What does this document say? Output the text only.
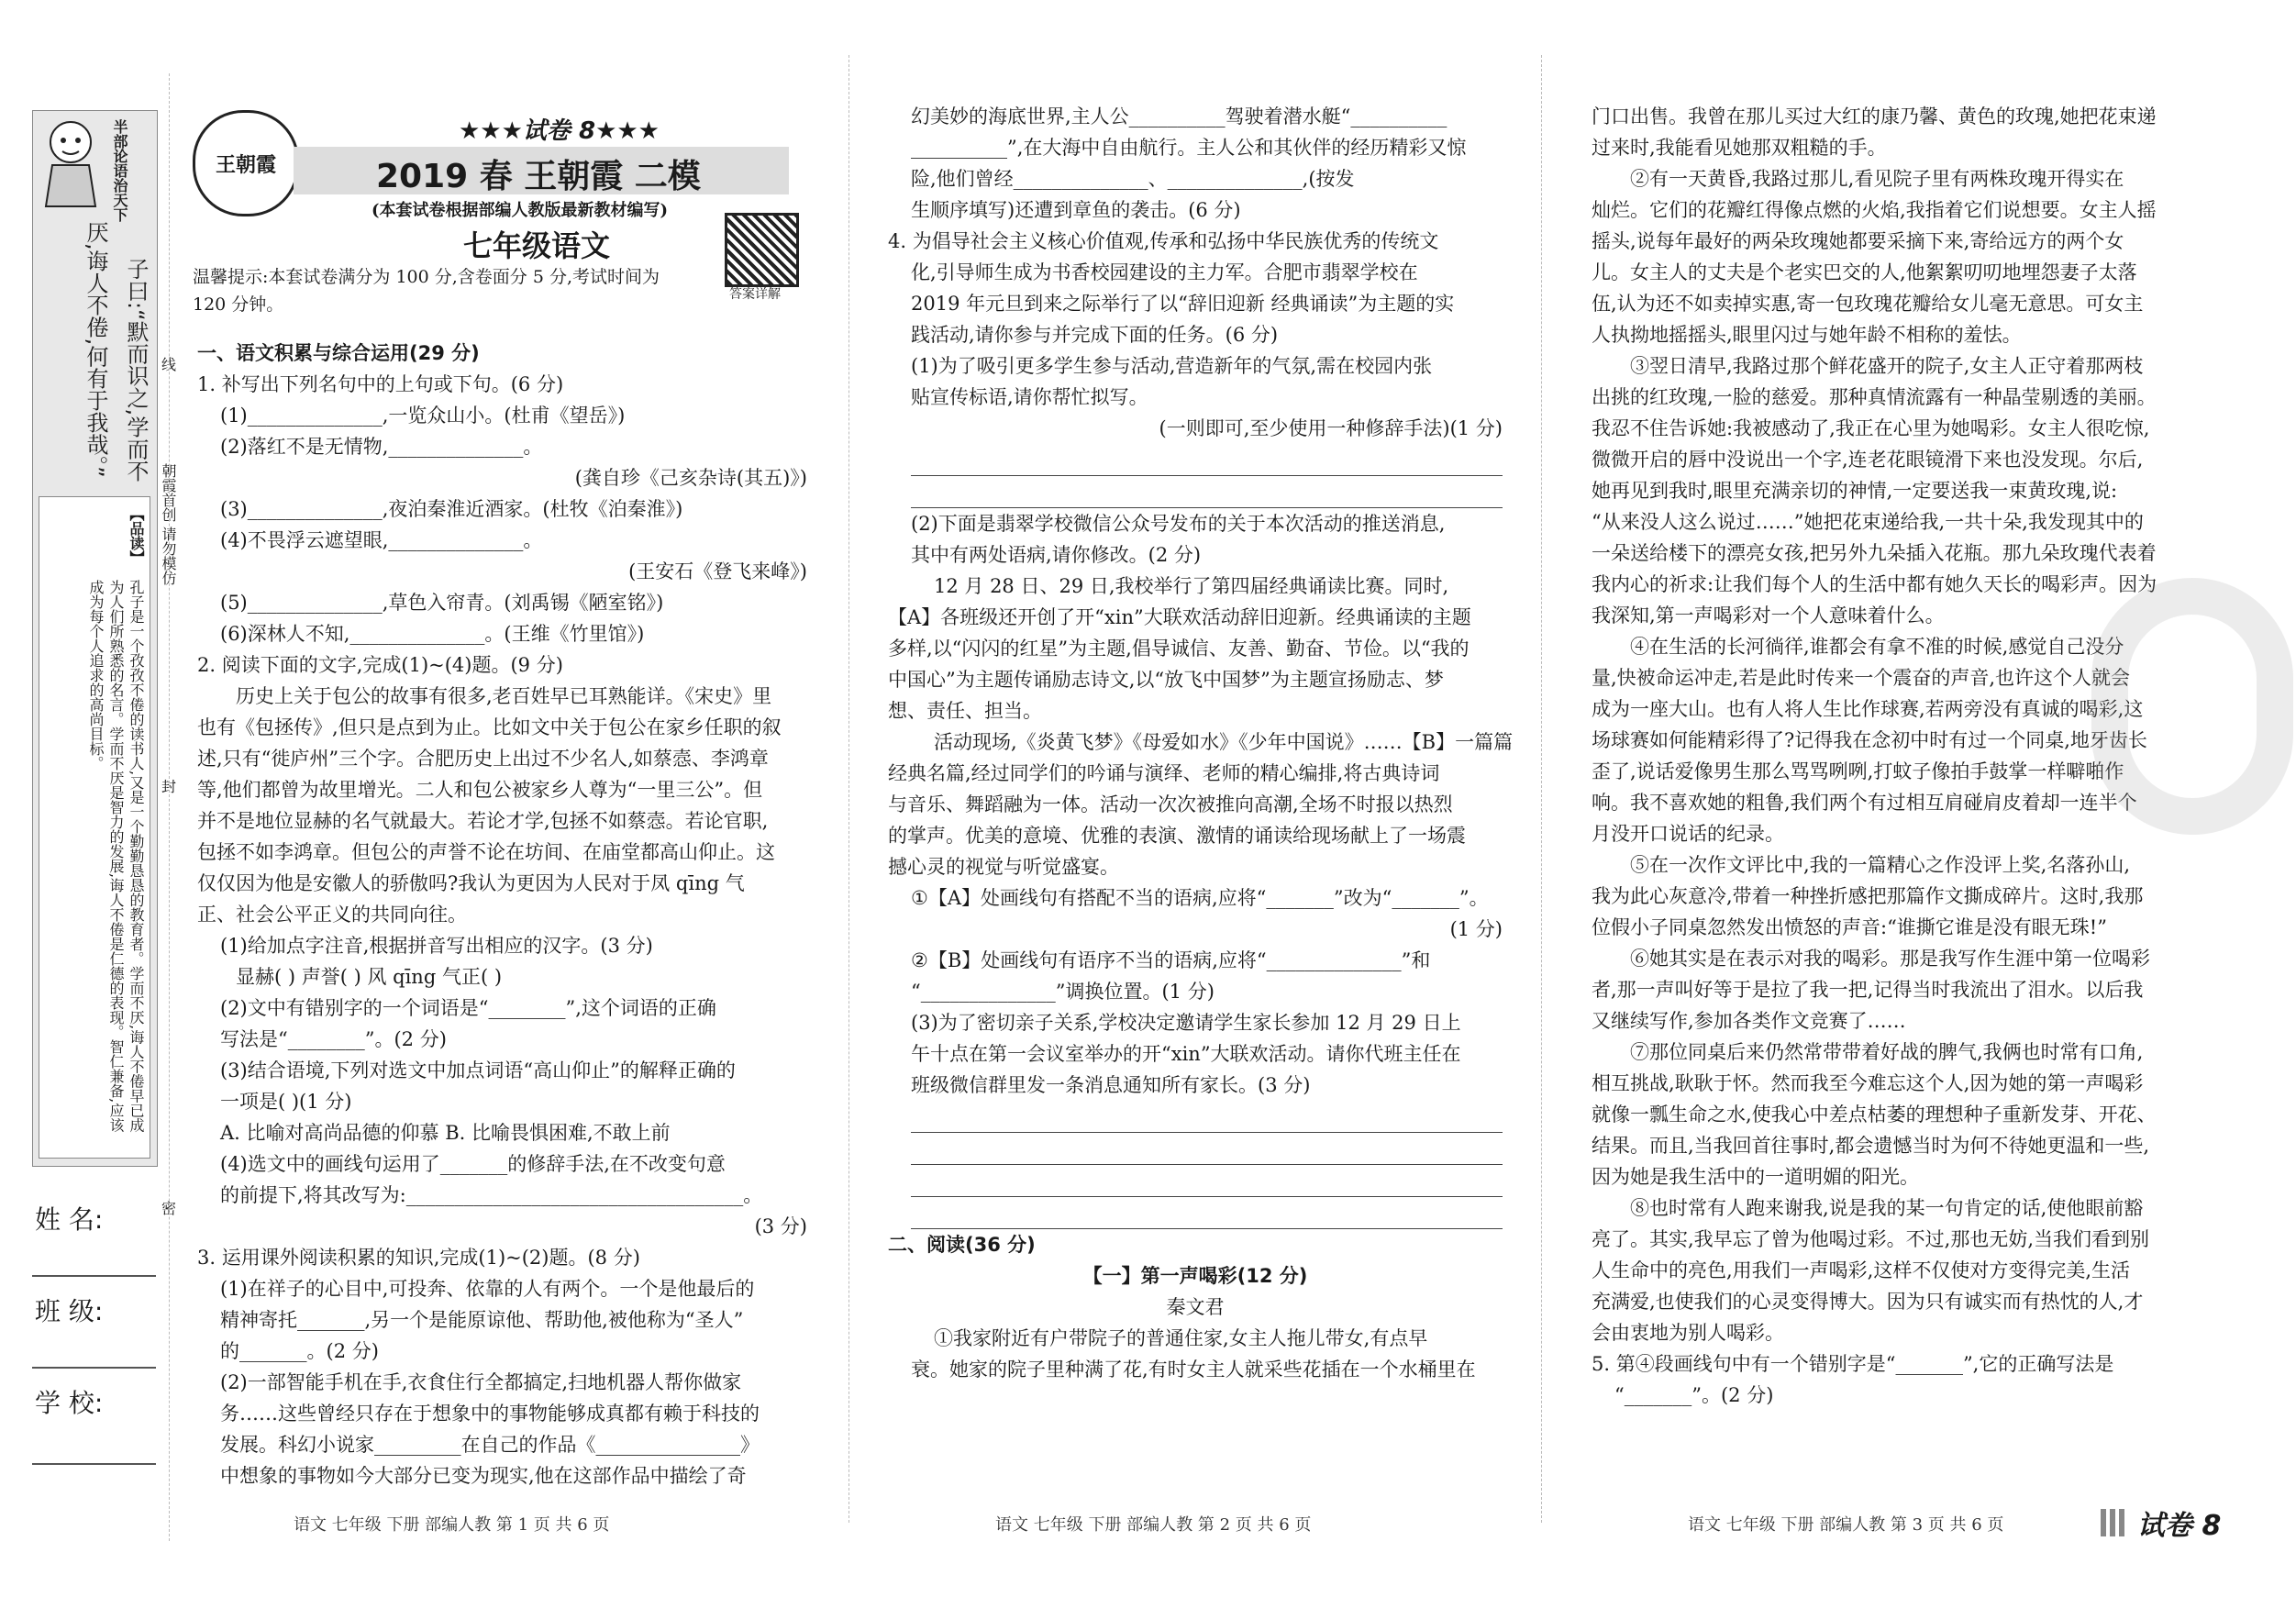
子曰:“默而识之,学而不
厌,诲人不倦,何有于我哉。”
【品读】
孔子是一个孜孜不倦的读书人,又是一个勤勤恳恳的教育者。学而不厌,诲人不倦早已成为人们所熟悉的名言。学而不厌是智力的发展,诲人不倦是仁德的表现。智仁兼备,应该成为每个人追求的高尚目标。
半部论语治天下
朝霞首创 请勿模仿
线
封
密
姓 名:
班 级:
学 校:
王朝霞
★★★试卷 8★★★
2019 春 王朝霞 二模
(本套试卷根据部编人教版最新教材编写)
七年级语文
答案详解
温馨提示:本套试卷满分为 100 分,含卷面分 5 分,考试时间为
120 分钟。
一、语文积累与综合运用(29 分)
1. 补写出下列名句中的上句或下句。(6 分)
(1)______________,一览众山小。(杜甫《望岳》)
(2)落红不是无情物,______________。
(龚自珍《己亥杂诗(其五)》)
(3)______________,夜泊秦淮近酒家。(杜牧《泊秦淮》)
(4)不畏浮云遮望眼,______________。
(王安石《登飞来峰》)
(5)______________,草色入帘青。(刘禹锡《陋室铭》)
(6)深林人不知,______________。(王维《竹里馆》)
2. 阅读下面的文字,完成(1)~(4)题。(9 分)
历史上关于包公的故事有很多,老百姓早已耳熟能详。《宋史》里
也有《包拯传》,但只是点到为止。比如文中关于包公在家乡任职的叙
述,只有“徙庐州”三个字。合肥历史上出过不少名人,如蔡悫、李鸿章
等,他们都曾为故里增光。二人和包公被家乡人尊为“一里三公”。但
并不是地位显赫的名气就最大。若论才学,包拯不如蔡悫。若论官职,
包拯不如李鸿章。但包公的声誉不论在坊间、在庙堂都高山仰止。这
仅仅因为他是安徽人的骄傲吗?我认为更因为人民对于凤 qīng 气
正、社会公平正义的共同向往。
(1)给加点字注音,根据拼音写出相应的汉字。(3 分)
显赫( ) 声誉( ) 风 qīng 气正( )
(2)文中有错别字的一个词语是“________”,这个词语的正确
写法是“________”。(2 分)
(3)结合语境,下列对选文中加点词语“高山仰止”的解释正确的
一项是( )(1 分)
A. 比喻对高尚品德的仰慕 B. 比喻畏惧困难,不敢上前
(4)选文中的画线句运用了_______的修辞手法,在不改变句意
的前提下,将其改写为:___________________________________。
(3 分)
3. 运用课外阅读积累的知识,完成(1)~(2)题。(8 分)
(1)在祥子的心目中,可投奔、依靠的人有两个。一个是他最后的
精神寄托_______,另一个是能原谅他、帮助他,被他称为“圣人”
的_______。(2 分)
(2)一部智能手机在手,衣食住行全都搞定,扫地机器人帮你做家
务……这些曾经只存在于想象中的事物能够成真都有赖于科技的
发展。科幻小说家_________在自己的作品《_______________》
中想象的事物如今大部分已变为现实,他在这部作品中描绘了奇
幻美妙的海底世界,主人公__________驾驶着潜水艇“__________
__________”,在大海中自由航行。主人公和其伙伴的经历精彩又惊
险,他们曾经______________、______________,(按发
生顺序填写)还遭到章鱼的袭击。(6 分)
4. 为倡导社会主义核心价值观,传承和弘扬中华民族优秀的传统文
化,引导师生成为书香校园建设的主力军。合肥市翡翠学校在
2019 年元旦到来之际举行了以“辞旧迎新 经典诵读”为主题的实
践活动,请你参与并完成下面的任务。(6 分)
(1)为了吸引更多学生参与活动,营造新年的气氛,需在校园内张
贴宣传标语,请你帮忙拟写。
(一则即可,至少使用一种修辞手法)(1 分)
(2)下面是翡翠学校微信公众号发布的关于本次活动的推送消息,
其中有两处语病,请你修改。(2 分)
12 月 28 日、29 日,我校举行了第四届经典诵读比赛。同时,
【A】各班级还开创了开“xin”大联欢活动辞旧迎新。经典诵读的主题
多样,以“闪闪的红星”为主题,倡导诚信、友善、勤奋、节俭。以“我的
中国心”为主题传诵励志诗文,以“放飞中国梦”为主题宣扬励志、梦
想、责任、担当。
活动现场,《炎黄飞梦》《母爱如水》《少年中国说》……【B】一篇篇
经典名篇,经过同学们的吟诵与演绎、老师的精心编排,将古典诗词
与音乐、舞蹈融为一体。活动一次次被推向高潮,全场不时报以热烈
的掌声。优美的意境、优雅的表演、激情的诵读给现场献上了一场震
撼心灵的视觉与听觉盛宴。
①【A】处画线句有搭配不当的语病,应将“_______”改为“_______”。
(1 分)
②【B】处画线句有语序不当的语病,应将“______________”和
“______________”调换位置。(1 分)
(3)为了密切亲子关系,学校决定邀请学生家长参加 12 月 29 日上
午十点在第一会议室举办的开“xin”大联欢活动。请你代班主任在
班级微信群里发一条消息通知所有家长。(3 分)
二、阅读(36 分)
【一】第一声喝彩(12 分)
秦文君
①我家附近有户带院子的普通住家,女主人拖儿带女,有点早
衰。她家的院子里种满了花,有时女主人就采些花插在一个水桶里在
门口出售。我曾在那儿买过大红的康乃馨、黄色的玫瑰,她把花束递
过来时,我能看见她那双粗糙的手。
②有一天黄昏,我路过那儿,看见院子里有两株玫瑰开得实在
灿烂。它们的花瓣红得像点燃的火焰,我指着它们说想要。女主人摇
摇头,说每年最好的两朵玫瑰她都要采摘下来,寄给远方的两个女
儿。女主人的丈夫是个老实巴交的人,他絮絮叨叨地埋怨妻子太落
伍,认为还不如卖掉实惠,寄一包玫瑰花瓣给女儿毫无意思。可女主
人执拗地摇摇头,眼里闪过与她年龄不相称的羞怯。
③翌日清早,我路过那个鲜花盛开的院子,女主人正守着那两枝
出挑的红玫瑰,一脸的慈爱。那种真情流露有一种晶莹剔透的美丽。
我忍不住告诉她:我被感动了,我正在心里为她喝彩。女主人很吃惊,
微微开启的唇中没说出一个字,连老花眼镜滑下来也没发现。尔后,
她再见到我时,眼里充满亲切的神情,一定要送我一束黄玫瑰,说:
“从来没人这么说过……”她把花束递给我,一共十朵,我发现其中的
一朵送给楼下的漂亮女孩,把另外九朵插入花瓶。那九朵玫瑰代表着
我内心的祈求:让我们每个人的生活中都有她久天长的喝彩声。因为
我深知,第一声喝彩对一个人意味着什么。
④在生活的长河徜徉,谁都会有拿不准的时候,感觉自己没分
量,快被命运冲走,若是此时传来一个震奋的声音,也许这个人就会
成为一座大山。也有人将人生比作球赛,若两旁没有真诚的喝彩,这
场球赛如何能精彩得了?记得我在念初中时有过一个同桌,地牙齿长
歪了,说话爱像男生那么骂骂咧咧,打蚊子像拍手鼓掌一样噼啪作
响。我不喜欢她的粗鲁,我们两个有过相互肩碰肩皮着却一连半个
月没开口说话的纪录。
⑤在一次作文评比中,我的一篇精心之作没评上奖,名落孙山,
我为此心灰意冷,带着一种挫折感把那篇作文撕成碎片。这时,我那
位假小子同桌忽然发出愤怒的声音:“谁撕它谁是没有眼无珠!”
⑥她其实是在表示对我的喝彩。那是我写作生涯中第一位喝彩
者,那一声叫好等于是拉了我一把,记得当时我流出了泪水。以后我
又继续写作,参加各类作文竞赛了……
⑦那位同桌后来仍然常带带着好战的脾气,我俩也时常有口角,
相互挑战,耿耿于怀。然而我至今难忘这个人,因为她的第一声喝彩
就像一瓢生命之水,使我心中差点枯萎的理想种子重新发芽、开花、
结果。而且,当我回首往事时,都会遗憾当时为何不待她更温和一些,
因为她是我生活中的一道明媚的阳光。
⑧也时常有人跑来谢我,说是我的某一句肯定的话,使他眼前豁
亮了。其实,我早忘了曾为他喝过彩。不过,那也无妨,当我们看到别
人生命中的亮色,用我们一声喝彩,这样不仅使对方变得完美,生活
充满爱,也使我们的心灵变得博大。因为只有诚实而有热忱的人,才
会由衷地为别人喝彩。
5. 第④段画线句中有一个错别字是“_______”,它的正确写法是
“_______”。(2 分)
语文 七年级 下册 部编人教 第 1 页 共 6 页	语文 七年级 下册 部编人教 第 2 页 共 6 页	语文 七年级 下册 部编人教 第 3 页 共 6 页	试卷 8
